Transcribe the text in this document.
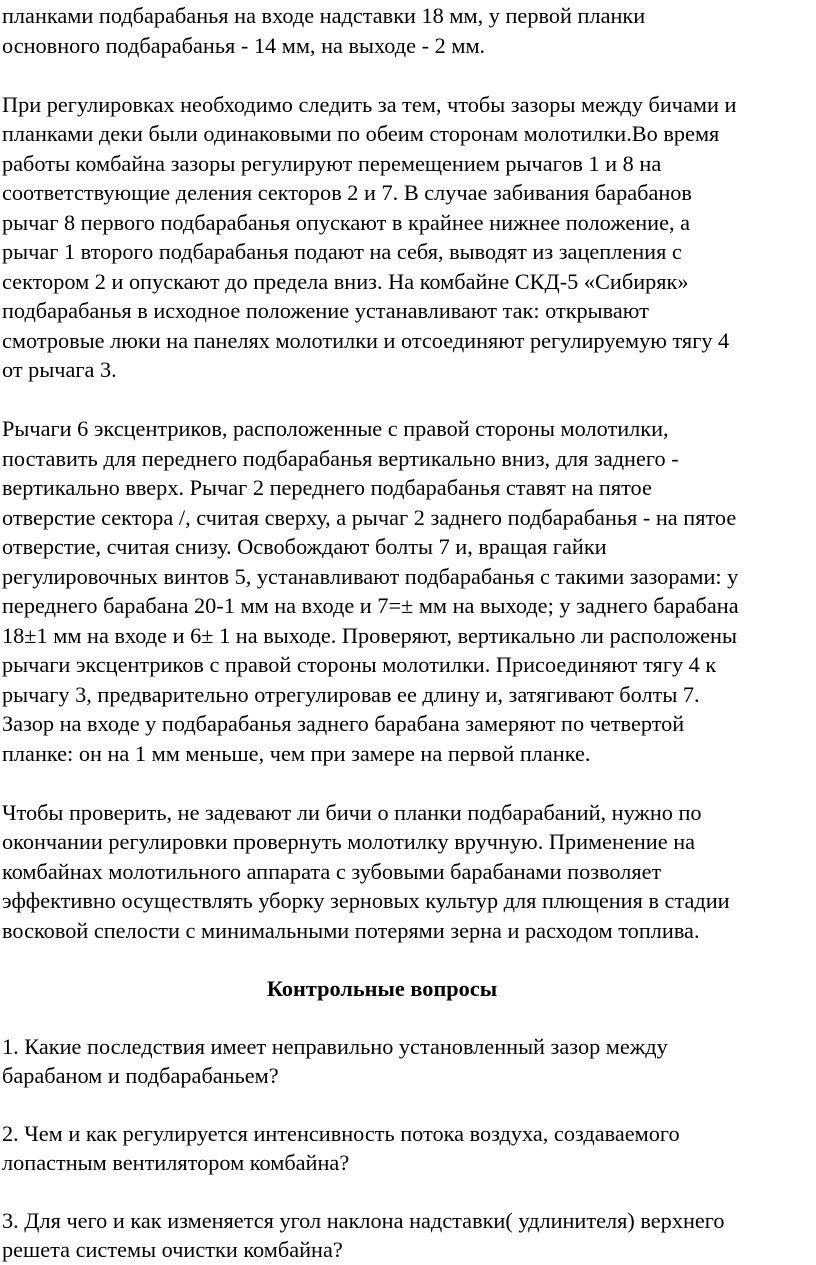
планками подбарабанья на входе надставки 18 мм, у первой планки
основного подбарабанья - 14 мм, на выходе - 2 мм.

При регулировках необходимо следить за тем, чтобы зазоры между бичами и
планками деки были одинаковыми по обеим сторонам молотилки.Во время
работы комбайна зазоры регулируют перемещением рычагов 1 и 8 на
соответствующие деления секторов 2 и 7. В случае забивания барабанов
рычаг 8 первого подбарабанья опускают в крайнее нижнее положение, а
рычаг 1 второго подбарабанья подают на себя, выводят из зацепления с
сектором 2 и опускают до предела вниз. На комбайне СКД-5 «Сибиряк»
подбарабанья в исходное положение устанавливают так: открывают
смотровые люки на панелях молотилки и отсоединяют регулируемую тягу 4
от рычага 3.

Рычаги 6 эксцентриков, расположенные с правой стороны молотилки,
поставить для переднего подбарабанья вертикально вниз, для заднего -
вертикально вверх. Рычаг 2 переднего подбарабанья ставят на пятое
отверстие сектора /, считая сверху, а рычаг 2 заднего подбарабанья - на пятое
отверстие, считая снизу. Освобождают болты 7 и, вращая гайки
регулировочных винтов 5, устанавливают подбарабанья с такими зазорами: у
переднего барабана 20-1 мм на входе и 7=± мм на выходе; у заднего барабана
18±1 мм на входе и 6± 1 на выходе. Проверяют, вертикально ли расположены
рычаги эксцентриков с правой стороны молотилки. Присоединяют тягу 4 к
рычагу 3, предварительно отрегулировав ее длину и, затягивают болты 7.
Зазор на входе у подбарабанья заднего барабана замеряют по четвертой
планке: он на 1 мм меньше, чем при замере на первой планке.

Чтобы проверить, не задевают ли бичи о планки подбарабаний, нужно по
окончании регулировки провернуть молотилку вручную. Применение на
комбайнах молотильного аппарата с зубовыми барабанами позволяет
эффективно осуществлять уборку зерновых культур для плющения в стадии
восковой спелости с минимальными потерями зерна и расходом топлива.

Контрольные вопросы

1. Какие последствия имеет неправильно установленный зазор между
барабаном и подбарабаньем?

2. Чем и как регулируется интенсивность потока воздуха, создаваемого
лопастным вентилятором комбайна?

3. Для чего и как изменяется угол наклона надставки( удлинителя) верхнего
решета системы очистки комбайна?
